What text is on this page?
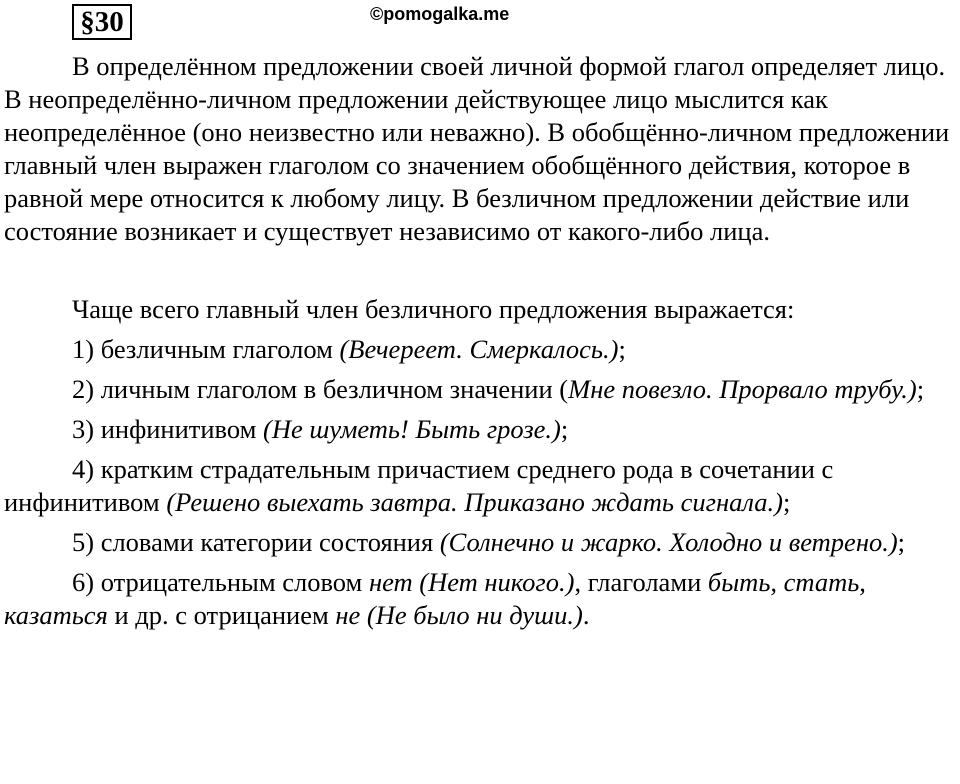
§30	©pomogalka.me

В определённом предложении своей личной формой глагол определяет лицо. В неопределённо-личном предложении действующее лицо мыслится как неопределённое (оно неизвестно или неважно). В обобщённо-личном предложении главный член выражен глаголом со значением обобщённого действия, которое в равной мере относится к любому лицу. В безличном предложении действие или состояние возникает и существует независимо от какого-либо лица.

Чаще всего главный член безличного предложения выражается:

1) безличным глаголом (Вечереет. Смеркалось.);

2) личным глаголом в безличном значении (Мне повезло. Прорвало трубу.);

3) инфинитивом (Не шуметь! Быть грозе.);

4) кратким страдательным причастием среднего рода в сочетании с инфинитивом (Решено выехать завтра. Приказано ждать сигнала.);

5) словами категории состояния (Солнечно и жарко. Холодно и ветрено.);

6) отрицательным словом нет (Нет никого.), глаголами быть, стать, казаться и др. с отрицанием не (Не было ни души.).
